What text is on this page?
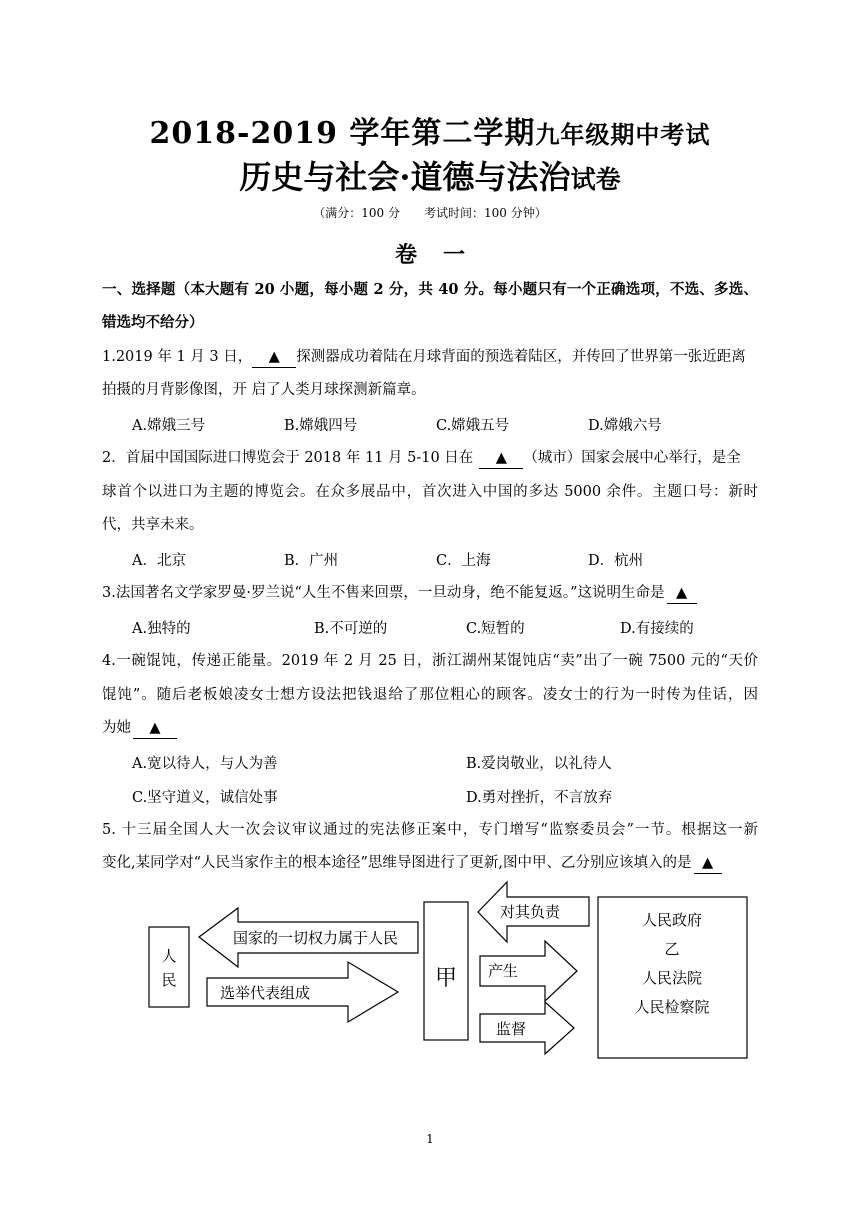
2018-2019 学年第二学期九年级期中考试
历史与社会·道德与法治试卷
（满分：100 分　　考试时间：100 分钟）
卷一
一、选择题（本大题有 20 小题，每小题 2 分，共 40 分。每小题只有一个正确选项，不选、多选、
错选均不给分）
1.2019 年 1 月 3 日， ▲ 探测器成功着陆在月球背面的预选着陆区，并传回了世界第一张近距离
拍摄的月背影像图，开 启了人类月球探测新篇章。
A.嫦娥三号	B.嫦娥四号	C.嫦娥五号	D.嫦娥六号
2．首届中国国际进口博览会于 2018 年 11 月 5-10 日在 ▲ （城市）国家会展中心举行，是全
球首个以进口为主题的博览会。在众多展品中，首次进入中国的多达 5000 余件。主题口号：新时
代，共享未来。
A．北京	B．广州	C．上海	D．杭州
3.法国著名文学家罗曼·罗兰说“人生不售来回票，一旦动身，绝不能复返。”这说明生命是 ▲
A.独特的	B.不可逆的	C.短暂的	D.有接续的
4.一碗馄饨，传递正能量。2019 年 2 月 25 日，浙江湖州某馄饨店“卖”出了一碗 7500 元的“天价
馄饨”。随后老板娘凌女士想方设法把钱退给了那位粗心的顾客。凌女士的行为一时传为佳话，因
为她 ▲
A.宽以待人，与人为善	B.爱岗敬业，以礼待人
C.坚守道义，诚信处事	D.勇对挫折，不言放弃
5. 十三届全国人大一次会议审议通过的宪法修正案中，专门增写“监察委员会”一节。根据这一新
变化,某同学对“人民当家作主的根本途径”思维导图进行了更新,图中甲、乙分别应该填入的是 ▲
人
民
国家的一切权力属于人民
选举代表组成
甲
对其负责
产生
监督
人民政府
乙
人民法院
人民检察院
1
